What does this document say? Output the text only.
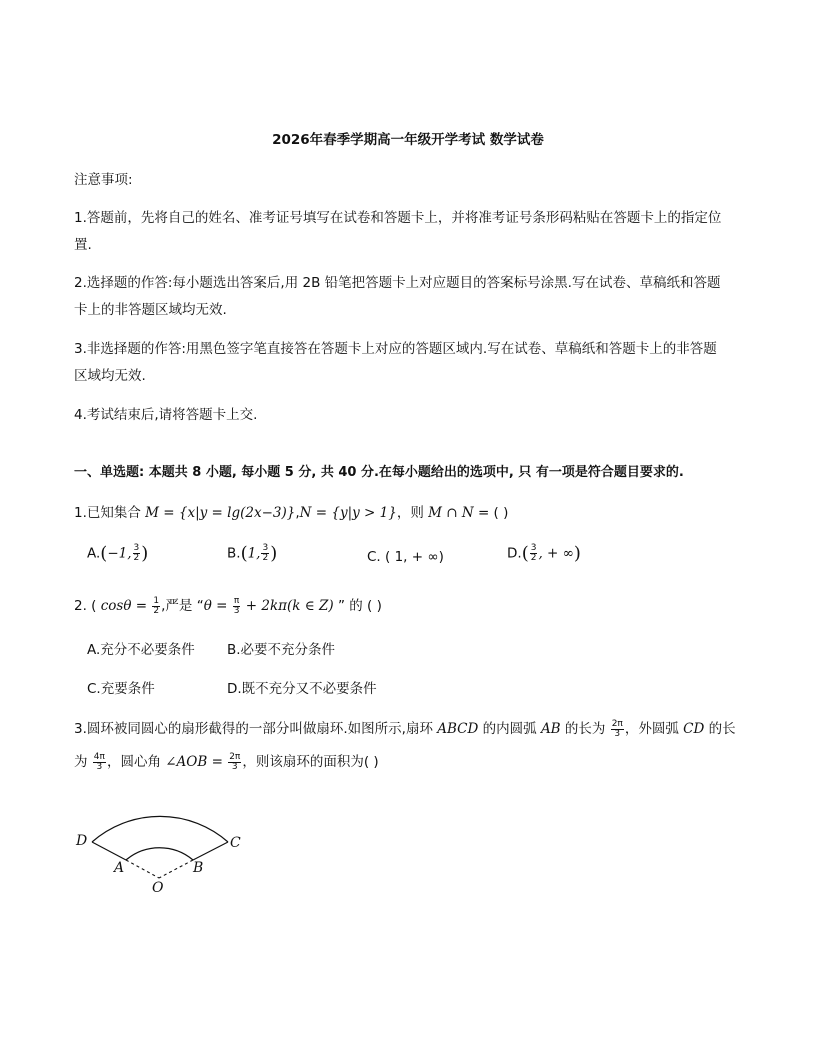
2026年春季学期高一年级开学考试 数学试卷
注意事项:
1.答题前，先将自己的姓名、准考证号填写在试卷和答题卡上，并将准考证号条形码粘贴在答题卡上的指定位
置.
2.选择题的作答:每小题选出答案后,用 2B 铅笔把答题卡上对应题目的答案标号涂黑.写在试卷、草稿纸和答题
卡上的非答题区域均无效.
3.非选择题的作答:用黑色签字笔直接答在答题卡上对应的答题区域内.写在试卷、草稿纸和答题卡上的非答题
区域均无效.
4.考试结束后,请将答题卡上交.
一、单选题: 本题共 8 小题, 每小题 5 分, 共 40 分.在每小题给出的选项中, 只 有一项是符合题目要求的.
1.已知集合 M = {x|y = lg(2x−3)},N = {y|y > 1}，则 M ∩ N = ( )
A.(−1, $\frac{3}{2}$ )	B.(1, $\frac{3}{2}$ )	C. ( 1, + ∞)	$D.( \frac{3}{2}$ , + ∞)
2. ( $\cos\theta = \frac{1}{2}$ ,严是 “$\theta = \frac{\pi}{3} + 2k\pi(k$ ∈ Z) ” 的 ( )
A.充分不必要条件 B.必要不充分条件
C.充要条件	D.既不充分又不必要条件
3.圆环被同圆心的扇形截得的一部分叫做扇环.如图所示,扇环 ABCD 的内圆弧 AB 的长为 $\frac{2\pi}{3}$ ，外圆弧 CD 的长
为 $\frac{4\pi}{3}$ ，圆心角 ∠AOB = $\frac{2\pi}{3}$ ，则该扇环的面积为( )
D	C
A	B
O
